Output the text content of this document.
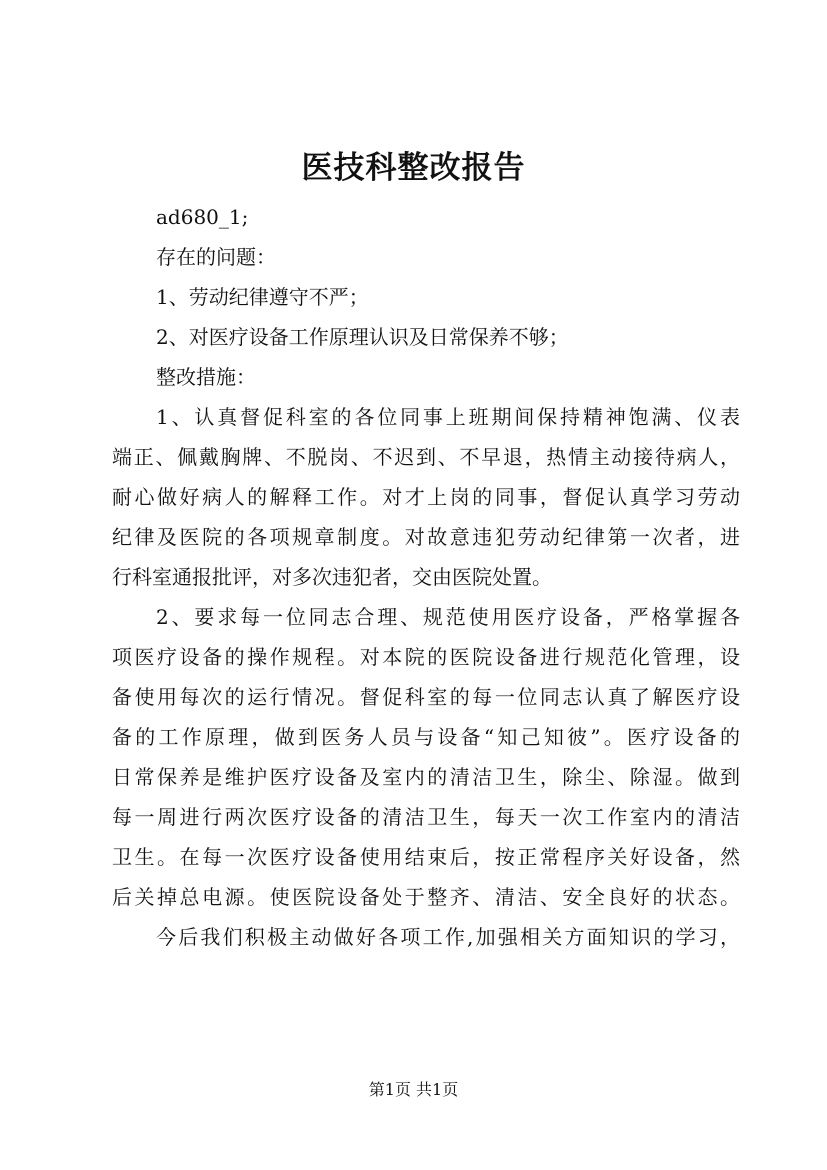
医技科整改报告
ad680_1;
存在的问题：
1、劳动纪律遵守不严；
2、对医疗设备工作原理认识及日常保养不够；
整改措施：
1、认真督促科室的各位同事上班期间保持精神饱满、仪表
端正、佩戴胸牌、不脱岗、不迟到、不早退，热情主动接待病人，
耐心做好病人的解释工作。对才上岗的同事，督促认真学习劳动
纪律及医院的各项规章制度。对故意违犯劳动纪律第一次者，进
行科室通报批评，对多次违犯者，交由医院处置。
2、要求每一位同志合理、规范使用医疗设备，严格掌握各
项医疗设备的操作规程。对本院的医院设备进行规范化管理，设
备使用每次的运行情况。督促科室的每一位同志认真了解医疗设
备的工作原理，做到医务人员与设备“知己知彼”。医疗设备的
日常保养是维护医疗设备及室内的清洁卫生，除尘、除湿。做到
每一周进行两次医疗设备的清洁卫生，每天一次工作室内的清洁
卫生。在每一次医疗设备使用结束后，按正常程序关好设备，然
后关掉总电源。使医院设备处于整齐、清洁、安全良好的状态。
今后我们积极主动做好各项工作,加强相关方面知识的学习，
第1页 共1页
